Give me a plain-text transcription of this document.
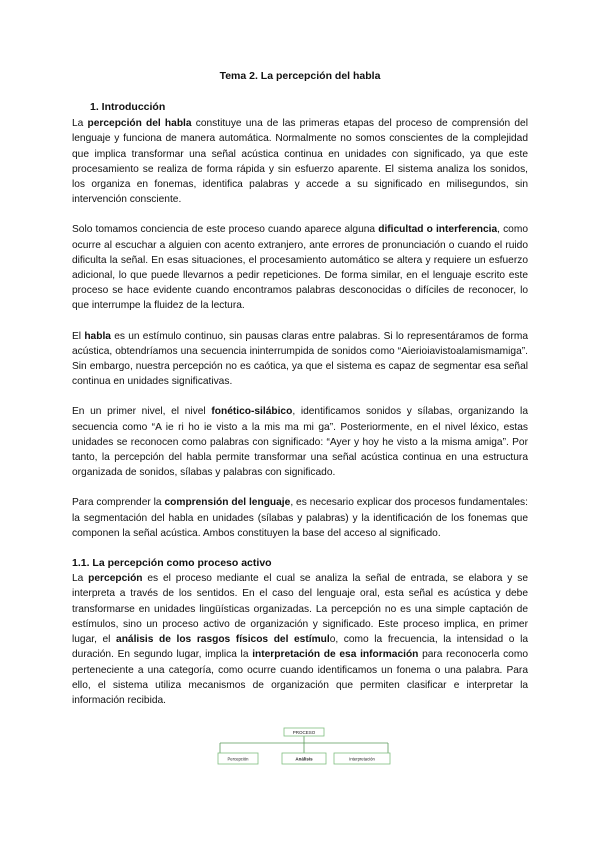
Tema 2. La percepción del habla
1. Introducción

La percepción del habla constituye una de las primeras etapas del proceso de comprensión del lenguaje y funciona de manera automática. Normalmente no somos conscientes de la complejidad que implica transformar una señal acústica continua en unidades con significado, ya que este procesamiento se realiza de forma rápida y sin esfuerzo aparente. El sistema analiza los sonidos, los organiza en fonemas, identifica palabras y accede a su significado en milisegundos, sin intervención consciente.

Solo tomamos conciencia de este proceso cuando aparece alguna dificultad o interferencia, como ocurre al escuchar a alguien con acento extranjero, ante errores de pronunciación o cuando el ruido dificulta la señal. En esas situaciones, el procesamiento automático se altera y requiere un esfuerzo adicional, lo que puede llevarnos a pedir repeticiones. De forma similar, en el lenguaje escrito este proceso se hace evidente cuando encontramos palabras desconocidas o difíciles de reconocer, lo que interrumpe la fluidez de la lectura.

El habla es un estímulo continuo, sin pausas claras entre palabras. Si lo representáramos de forma acústica, obtendríamos una secuencia ininterrumpida de sonidos como “Aierioiavistoalamismamiga”. Sin embargo, nuestra percepción no es caótica, ya que el sistema es capaz de segmentar esa señal continua en unidades significativas.

En un primer nivel, el nivel fonético-silábico, identificamos sonidos y sílabas, organizando la secuencia como “A ie ri ho ie visto a la mis ma mi ga”. Posteriormente, en el nivel léxico, estas unidades se reconocen como palabras con significado: “Ayer y hoy he visto a la misma amiga”. Por tanto, la percepción del habla permite transformar una señal acústica continua en una estructura organizada de sonidos, sílabas y palabras con significado.

Para comprender la comprensión del lenguaje, es necesario explicar dos procesos fundamentales: la segmentación del habla en unidades (sílabas y palabras) y la identificación de los fonemas que componen la señal acústica. Ambos constituyen la base del acceso al significado.

1.1. La percepción como proceso activo

La percepción es el proceso mediante el cual se analiza la señal de entrada, se elabora y se interpreta a través de los sentidos. En el caso del lenguaje oral, esta señal es acústica y debe transformarse en unidades lingüísticas organizadas. La percepción no es una simple captación de estímulos, sino un proceso activo de organización y significado. Este proceso implica, en primer lugar, el análisis de los rasgos físicos del estímulo, como la frecuencia, la intensidad o la duración. En segundo lugar, implica la interpretación de esa información para reconocerla como perteneciente a una categoría, como ocurre cuando identificamos un fonema o una palabra. Para ello, el sistema utiliza mecanismos de organización que permiten clasificar e interpretar la información recibida.

PROCESO
Percepción	Análisis	Interpretación
